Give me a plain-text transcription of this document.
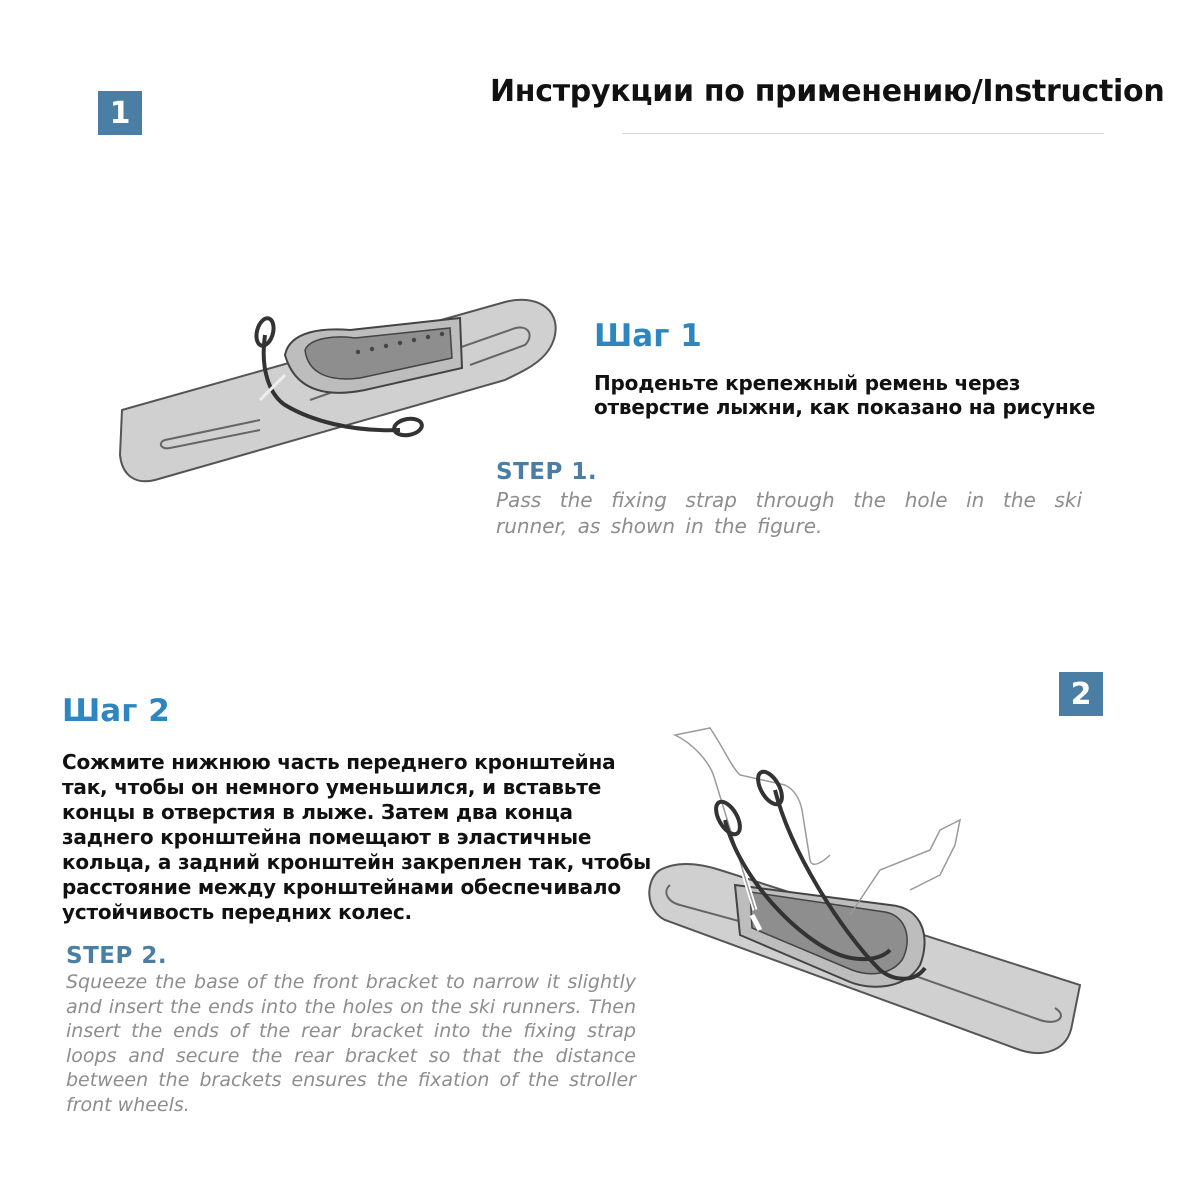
Инструкции по применению/Instruction
1
Шаг 1
Проденьте крепежный ремень через отверстие лыжни, как показано на рисунке
STEP 1.
Pass the fixing strap through the hole in the ski runner, as shown in the figure.
2
Шаг 2
Сожмите нижнюю часть переднего кронштейна так, чтобы он немного уменьшился, и вставьте концы в отверстия в лыже. Затем два конца заднего кронштейна помещают в эластичные кольца, а задний кронштейн закреплен так, чтобы расстояние между кронштейнами обеспечивало устойчивость передних колес.
STEP 2.
Squeeze the base of the front bracket to narrow it slightly and insert the ends into the holes on the ski runners. Then insert the ends of the rear bracket into the fixing strap loops and secure the rear bracket so that the distance between the brackets ensures the fixation of the stroller front wheels.
